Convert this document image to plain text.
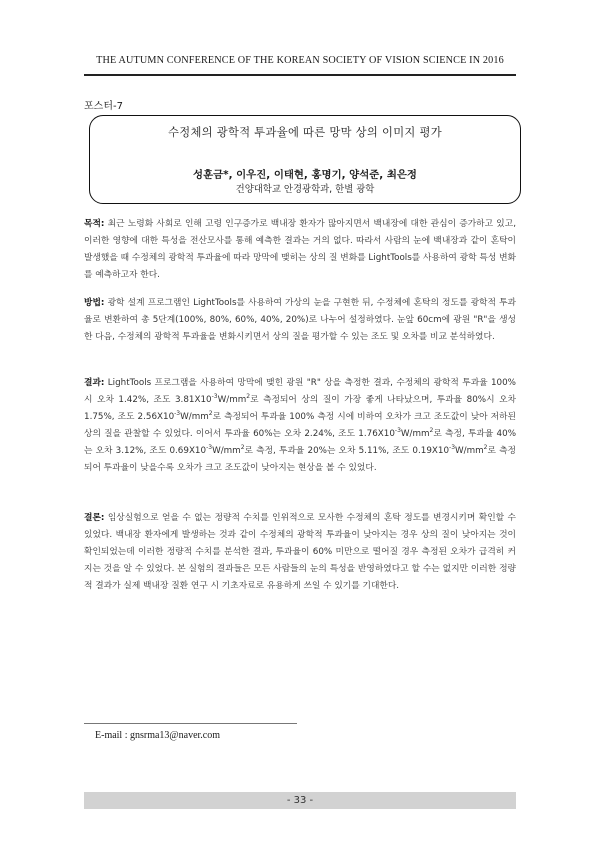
THE AUTUMN CONFERENCE OF THE KOREAN SOCIETY OF VISION SCIENCE IN 2016
포스터-7
수정체의 광학적 투과율에 따른 망막 상의 이미지 평가
성훈금*, 이우진, 이태현, 홍명기, 양석준, 최은정
건양대학교 안경광학과, 한별 광학
목적: 최근 노령화 사회로 인해 고령 인구증가로 백내장 환자가 많아지면서 백내장에 대한 관심이 증가하고 있고, 이러한 영향에 대한 특성을 전산모사를 통해 예측한 결과는 거의 없다. 따라서 사람의 눈에 백내장과 같이 혼탁이 발생했을 때 수정체의 광학적 투과율에 따라 망막에 맺히는 상의 질 변화를 LightTools를 사용하여 광학 특성 변화를 예측하고자 한다.
방법: 광학 설계 프로그램인 LightTools를 사용하여 가상의 눈을 구현한 뒤, 수정체에 혼탁의 정도를 광학적 투과율로 변환하여 총 5단계(100%, 80%, 60%, 40%, 20%)로 나누어 설정하였다. 눈앞 60cm에 광원 "R"을 생성한 다음, 수정체의 광학적 투과율을 변화시키면서 상의 질을 평가할 수 있는 조도 및 오차를 비교 분석하였다.
결과: LightTools 프로그램을 사용하여 망막에 맺힌 광원 "R" 상을 측정한 결과, 수정체의 광학적 투과율 100%시 오차 1.42%, 조도 $3.81X10^{-3}W/mm^2$로 측정되어 상의 질이 가장 좋게 나타났으며, 투과율 80%시 오차 1.75%, 조도 $2.56X10^{-3}W/mm^2$로 측정되어 투과율 100% 측정 시에 비하여 오차가 크고 조도값이 낮아 저하된 상의 질을 관찰할 수 있었다. 이어서 투과율 60%는 오차 2.24%, 조도 $1.76X10^{-3}W/mm^2$로 측정, 투과율 40%는 오차 3.12%, 조도 $0.69X10^{-3}W/mm^2$로 측정, 투과율 20%는 오차 5.11%, 조도 $0.19X10^{-3}W/mm^2$로 측정되어 투과율이 낮을수록 오차가 크고 조도값이 낮아지는 현상을 볼 수 있었다.
결론: 임상실험으로 얻을 수 없는 정량적 수치를 인위적으로 모사한 수정체의 혼탁 정도를 변경시키며 확인할 수 있었다. 백내장 환자에게 발생하는 것과 같이 수정체의 광학적 투과율이 낮아지는 경우 상의 질이 낮아지는 것이 확인되었는데 이러한 정량적 수치를 분석한 결과, 투과율이 60% 미만으로 떨어질 경우 측정된 오차가 급격히 커지는 것을 알 수 있었다. 본 실험의 결과들은 모든 사람들의 눈의 특성을 반영하였다고 할 수는 없지만 이러한 정량적 결과가 실제 백내장 질환 연구 시 기초자료로 유용하게 쓰일 수 있기를 기대한다.
E-mail : gnsrma13@naver.com
- 33 -
